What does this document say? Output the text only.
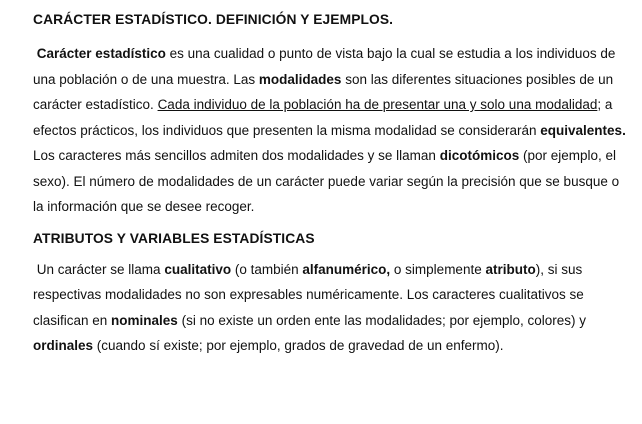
CARÁCTER ESTADÍSTICO. DEFINICIÓN Y EJEMPLOS.

Carácter estadístico es una cualidad o punto de vista bajo la cual se estudia a los individuos de una población o de una muestra. Las modalidades son las diferentes situaciones posibles de un carácter estadístico. Cada individuo de la población ha de presentar una y solo una modalidad; a efectos prácticos, los individuos que presenten la misma modalidad se considerarán equivalentes. Los caracteres más sencillos admiten dos modalidades y se llaman dicotómicos (por ejemplo, el sexo). El número de modalidades de un carácter puede variar según la precisión que se busque o la información que se desee recoger.

ATRIBUTOS Y VARIABLES ESTADÍSTICAS

Un carácter se llama cualitativo (o también alfanumérico, o simplemente atributo), si sus respectivas modalidades no son expresables numéricamente. Los caracteres cualitativos se clasifican en nominales (si no existe un orden ente las modalidades; por ejemplo, colores) y ordinales (cuando sí existe; por ejemplo, grados de gravedad de un enfermo).
